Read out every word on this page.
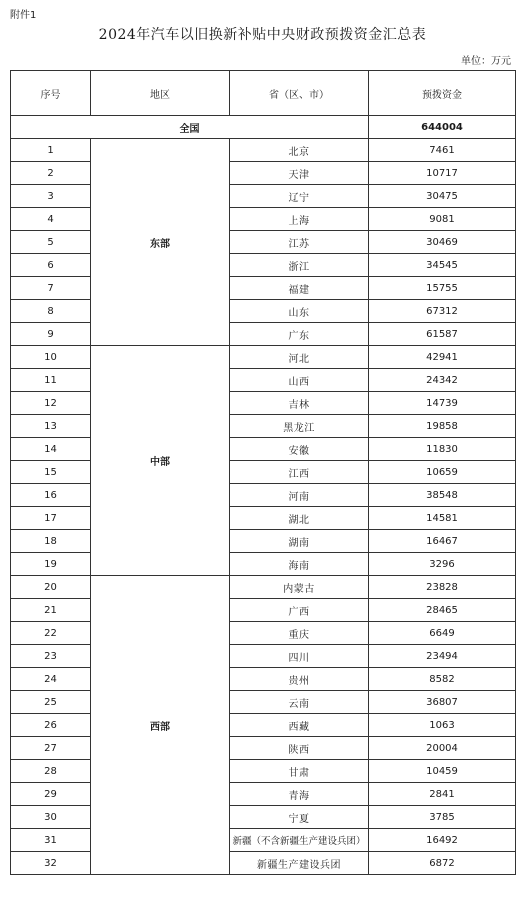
附件1
2024年汽车以旧换新补贴中央财政预拨资金汇总表
单位：万元
序号	地区	省（区、市）	预拨资金
全国			644004
1	东部	北京	7461
2		天津	10717
3		辽宁	30475
4		上海	9081
5		江苏	30469
6		浙江	34545
7		福建	15755
8		山东	67312
9		广东	61587
10	中部	河北	42941
11		山西	24342
12		吉林	14739
13		黑龙江	19858
14		安徽	11830
15		江西	10659
16		河南	38548
17		湖北	14581
18		湖南	16467
19		海南	3296
20	西部	内蒙古	23828
21		广西	28465
22		重庆	6649
23		四川	23494
24		贵州	8582
25		云南	36807
26		西藏	1063
27		陕西	20004
28		甘肃	10459
29		青海	2841
30		宁夏	3785
31		新疆（不含新疆生产建设兵团）	16492
32		新疆生产建设兵团	6872
